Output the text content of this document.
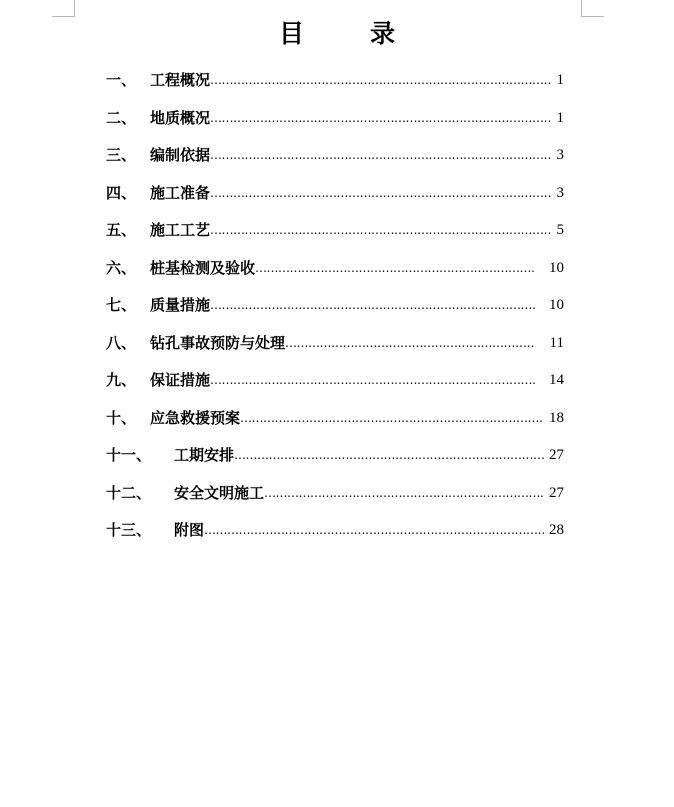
目	录
一、 工程概况 ……………………………………………………………………………………………………………………………………………………………………………………	1
二、 地质概况 ……………………………………………………………………………………………………………………………………………………………………………………	1
三、 编制依据 ……………………………………………………………………………………………………………………………………………………………………………………	3
四、 施工准备 ……………………………………………………………………………………………………………………………………………………………………………………	3
五、 施工工艺 ……………………………………………………………………………………………………………………………………………………………………………………	5
六、 桩基检测及验收 ……………………………………………………………………………………………………………………………………………………………………………………	10
七、 质量措施 ……………………………………………………………………………………………………………………………………………………………………………………	10
八、 钻孔事故预防与处理 ……………………………………………………………………………………………………………………………………………………………………………………	11
九、 保证措施 ……………………………………………………………………………………………………………………………………………………………………………………	14
十、 应急救援预案 ……………………………………………………………………………………………………………………………………………………………………………………	18
十一、	工期安排 ……………………………………………………………………………………………………………………………………………………………………………………	27
十二、	安全文明施工 ……………………………………………………………………………………………………………………………………………………………………………………	27
十三、	附图 ……………………………………………………………………………………………………………………………………………………………………………………	28
